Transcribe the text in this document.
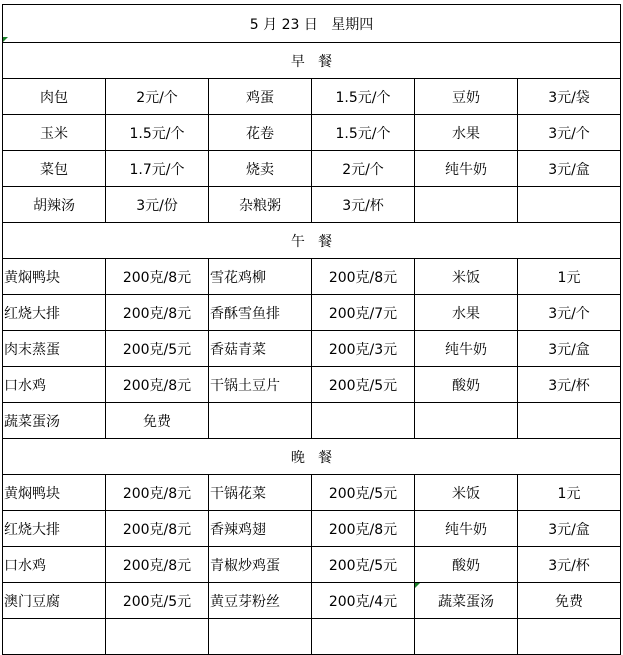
5 月 23 日   星期四					

早   餐					
肉包	2元/个	鸡蛋	1.5元/个	豆奶	3元/袋
玉米	1.5元/个	花卷	1.5元/个	水果	3元/个
菜包	1.7元/个	烧卖	2元/个	纯牛奶	3元/盒
胡辣汤	3元/份	杂粮粥	3元/杯		
午   餐					
黄焖鸭块	200克/8元	雪花鸡柳	200克/8元	米饭	1元
红烧大排	200克/8元	香酥雪鱼排	200克/7元	水果	3元/个
肉末蒸蛋	200克/5元	香菇青菜	200克/3元	纯牛奶	3元/盒
口水鸡	200克/8元	干锅土豆片	200克/5元	酸奶	3元/杯
蔬菜蛋汤	免费				
晚   餐					
黄焖鸭块	200克/8元	干锅花菜	200克/5元	米饭	1元
红烧大排	200克/8元	香辣鸡翅	200克/8元	纯牛奶	3元/盒
口水鸡	200克/8元	青椒炒鸡蛋	200克/5元	酸奶	3元/杯
澳门豆腐	200克/5元	黄豆芽粉丝	200克/4元	蔬菜蛋汤	免费
